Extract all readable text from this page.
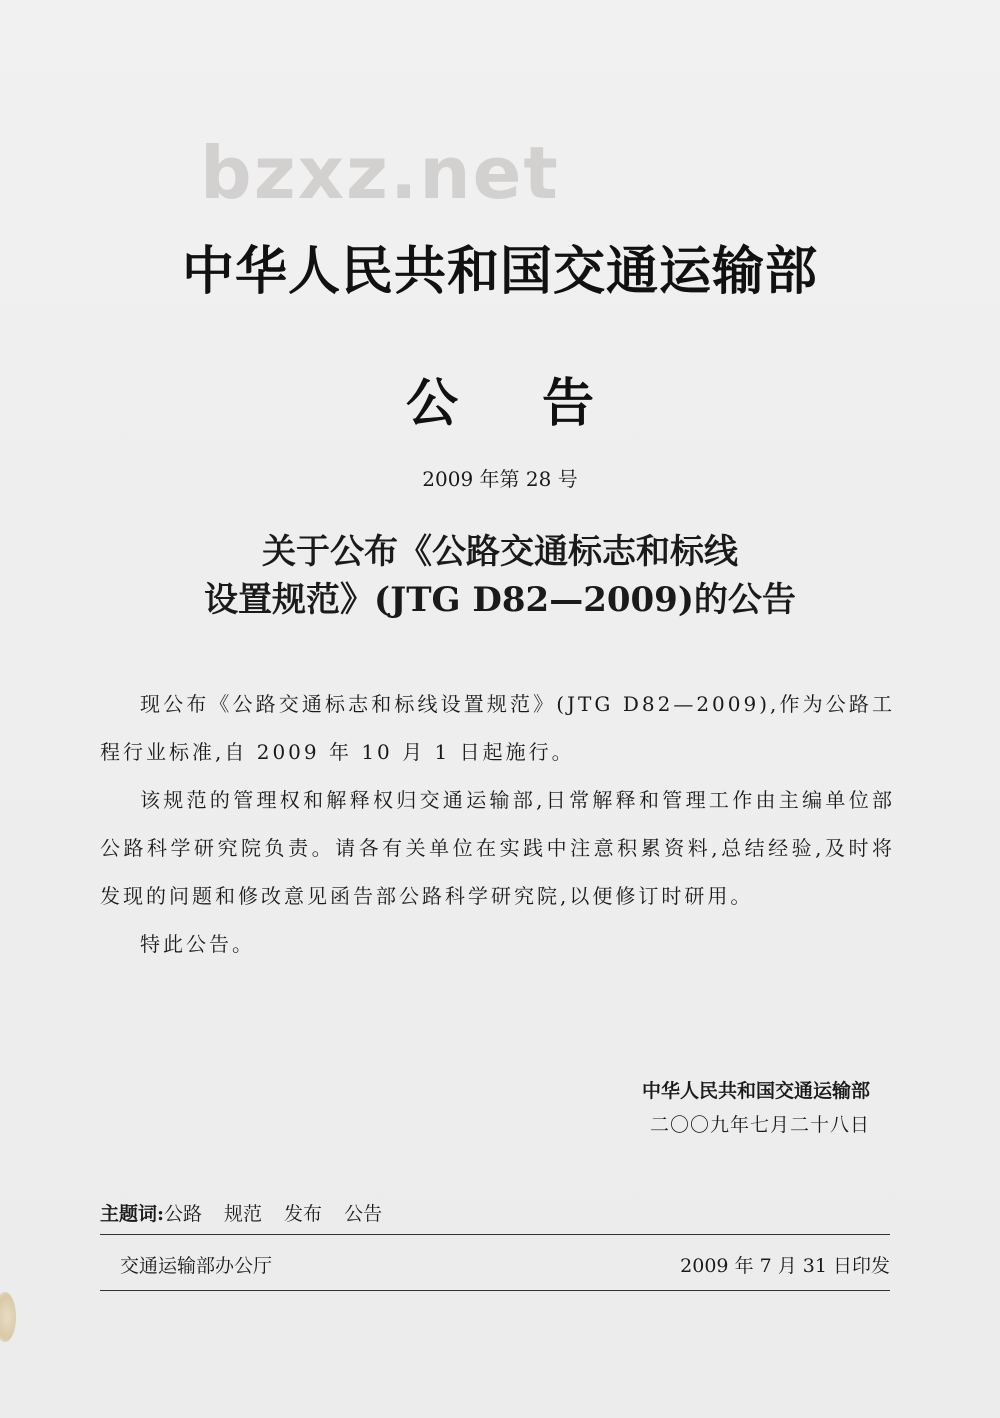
bzxz.net
中华人民共和国交通运输部
公 告
2009 年第 28 号
关于公布《公路交通标志和标线
设置规范》(JTG D82—2009)的公告

现公布《公路交通标志和标线设置规范》(JTG D82—2009),作为公路工程行业标准,自 2009 年 10 月 1 日起施行。

该规范的管理权和解释权归交通运输部,日常解释和管理工作由主编单位部公路科学研究院负责。请各有关单位在实践中注意积累资料,总结经验,及时将发现的问题和修改意见函告部公路科学研究院,以便修订时研用。

特此公告。

中华人民共和国交通运输部
二〇〇九年七月二十八日
主题词:公路 规范 发布 公告
交通运输部办公厅	2009 年 7 月 31 日印发
